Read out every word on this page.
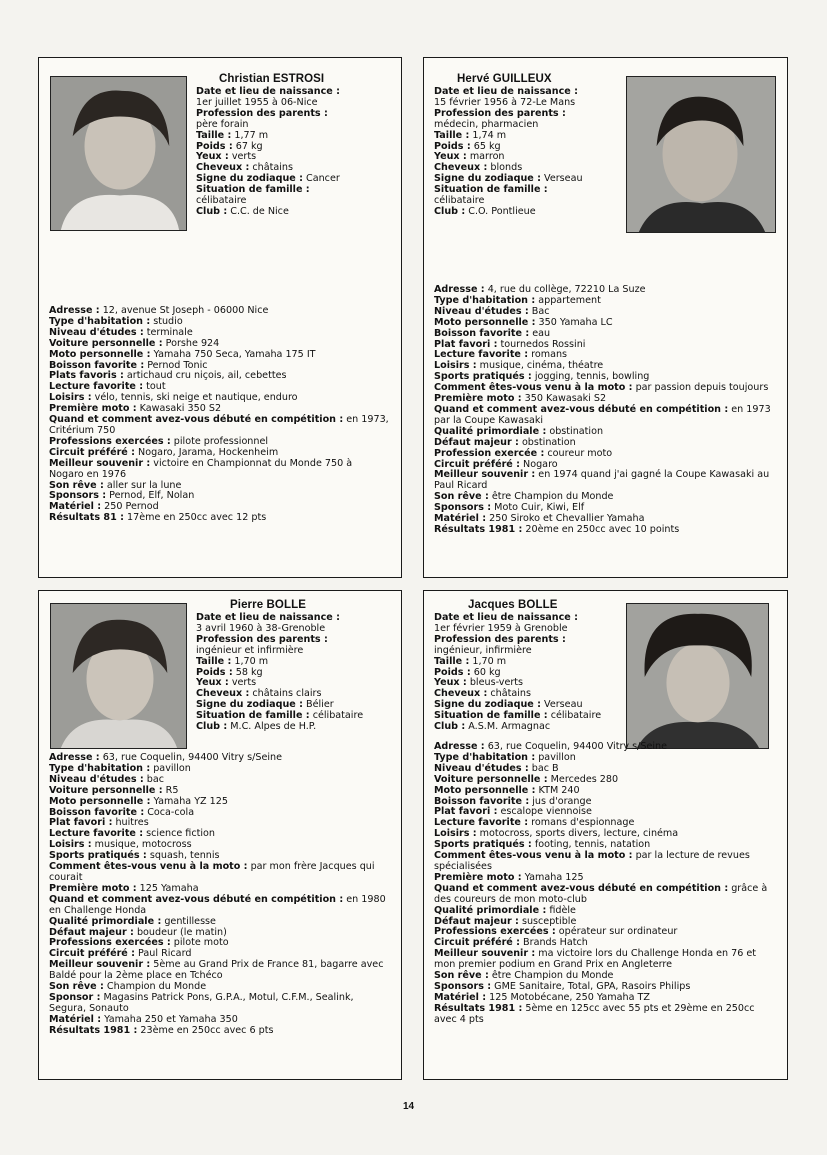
Christian ESTROSI
Date et lieu de naissance :
1er juillet 1955 à 06-Nice
Profession des parents :
père forain
Taille : 1,77 m
Poids : 67 kg
Yeux : verts
Cheveux : châtains
Signe du zodiaque : Cancer
Situation de famille :
célibataire
Club : C.C. de Nice
Adresse : 12, avenue St Joseph - 06000 Nice
Type d'habitation : studio
Niveau d'études : terminale
Voiture personnelle : Porshe 924
Moto personnelle : Yamaha 750 Seca, Yamaha 175 IT
Boisson favorite : Pernod Tonic
Plats favoris : artichaud cru niçois, ail, cebettes
Lecture favorite : tout
Loisirs : vélo, tennis, ski neige et nautique, enduro
Première moto : Kawasaki 350 S2
Quand et comment avez-vous débuté en compétition : en 1973, Critérium 750
Professions exercées : pilote professionnel
Circuit préféré : Nogaro, Jarama, Hockenheim
Meilleur souvenir : victoire en Championnat du Monde 750 à Nogaro en 1976
Son rêve : aller sur la lune
Sponsors : Pernod, Elf, Nolan
Matériel : 250 Pernod
Résultats 81 : 17ème en 250cc avec 12 pts
Hervé GUILLEUX
Date et lieu de naissance :
15 février 1956 à 72-Le Mans
Profession des parents :
médecin, pharmacien
Taille : 1,74 m
Poids : 65 kg
Yeux : marron
Cheveux : blonds
Signe du zodiaque : Verseau
Situation de famille :
célibataire
Club : C.O. Pontlieue
Adresse : 4, rue du collège, 72210 La Suze
Type d'habitation : appartement
Niveau d'études : Bac
Moto personnelle : 350 Yamaha LC
Boisson favorite : eau
Plat favori : tournedos Rossini
Lecture favorite : romans
Loisirs : musique, cinéma, théatre
Sports pratiqués : jogging, tennis, bowling
Comment êtes-vous venu à la moto : par passion depuis toujours
Première moto : 350 Kawasaki S2
Quand et comment avez-vous débuté en compétition : en 1973 par la Coupe Kawasaki
Qualité primordiale : obstination
Défaut majeur : obstination
Profession exercée : coureur moto
Circuit préféré : Nogaro
Meilleur souvenir : en 1974 quand j'ai gagné la Coupe Kawasaki au Paul Ricard
Son rêve : être Champion du Monde
Sponsors : Moto Cuir, Kiwi, Elf
Matériel : 250 Siroko et Chevallier Yamaha
Résultats 1981 : 20ème en 250cc avec 10 points
Pierre BOLLE
Date et lieu de naissance :
3 avril 1960 à 38-Grenoble
Profession des parents :
ingénieur et infirmière
Taille : 1,70 m
Poids : 58 kg
Yeux : verts
Cheveux : châtains clairs
Signe du zodiaque : Bélier
Situation de famille : célibataire
Club : M.C. Alpes de H.P.
Adresse : 63, rue Coquelin, 94400 Vitry s/Seine
Type d'habitation : pavillon
Niveau d'études : bac
Voiture personnelle : R5
Moto personnelle : Yamaha YZ 125
Boisson favorite : Coca-cola
Plat favori : huitres
Lecture favorite : science fiction
Loisirs : musique, motocross
Sports pratiqués : squash, tennis
Comment êtes-vous venu à la moto : par mon frère Jacques qui courait
Première moto : 125 Yamaha
Quand et comment avez-vous débuté en compétition : en 1980 en Challenge Honda
Qualité primordiale : gentillesse
Défaut majeur : boudeur (le matin)
Professions exercées : pilote moto
Circuit préféré : Paul Ricard
Meilleur souvenir : 5ème au Grand Prix de France 81, bagarre avec Baldé pour la 2ème place en Tchéco
Son rêve : Champion du Monde
Sponsor : Magasins Patrick Pons, G.P.A., Motul, C.F.M., Sealink, Segura, Sonauto
Matériel : Yamaha 250 et Yamaha 350
Résultats 1981 : 23ème en 250cc avec 6 pts
Jacques BOLLE
Date et lieu de naissance :
1er février 1959 à Grenoble
Profession des parents :
ingénieur, infirmière
Taille : 1,70 m
Poids : 60 kg
Yeux : bleus-verts
Cheveux : châtains
Signe du zodiaque : Verseau
Situation de famille : célibataire
Club : A.S.M. Armagnac
Adresse : 63, rue Coquelin, 94400 Vitry s/Seine
Type d'habitation : pavillon
Niveau d'études : bac B
Voiture personnelle : Mercedes 280
Moto personnelle : KTM 240
Boisson favorite : jus d'orange
Plat favori : escalope viennoise
Lecture favorite : romans d'espionnage
Loisirs : motocross, sports divers, lecture, cinéma
Sports pratiqués : footing, tennis, natation
Comment êtes-vous venu à la moto : par la lecture de revues spécialisées
Première moto : Yamaha 125
Quand et comment avez-vous débuté en compétition : grâce à des coureurs de mon moto-club
Qualité primordiale : fidèle
Défaut majeur : susceptible
Professions exercées : opérateur sur ordinateur
Circuit préféré : Brands Hatch
Meilleur souvenir : ma victoire lors du Challenge Honda en 76 et mon premier podium en Grand Prix en Angleterre
Son rêve : être Champion du Monde
Sponsors : GME Sanitaire, Total, GPA, Rasoirs Philips
Matériel : 125 Motobécane, 250 Yamaha TZ
Résultats 1981 : 5ème en 125cc avec 55 pts et 29ème en 250cc avec 4 pts
14
